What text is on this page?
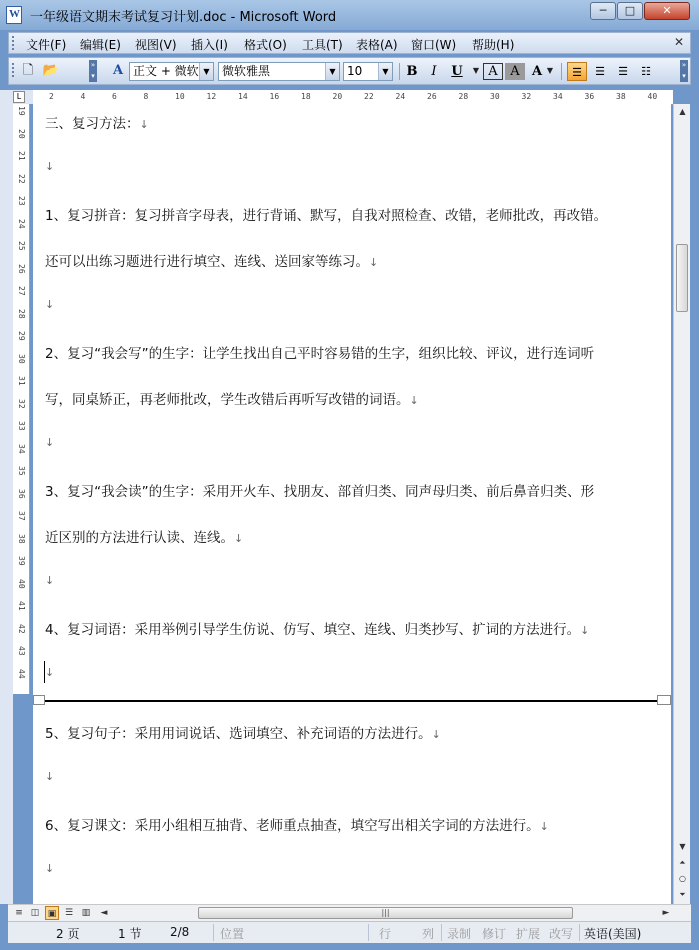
W
一年级语文期末考试复习计划.doc - Microsoft Word	─	□	✕
文件(F) 编辑(E) 视图(V) 插入(I) 格式(O) 工具(T) 表格(A) 窗口(W) 帮助(H)	✕
🗋 📂	»
▾	A 正文 + 微软 ▼	微软雅黑	▼ 10	▼	B	I	U	▼ A A A ▼	☰	☰	☰	☷	»
▾
L	2	4	6	8	10	12	14	16	18	20	22	24	26	28	30	32	34	36	38	40
19
20
21
22
23
24
25
26
27
28
29
30
31
32
33
34
35
36
37
38
39
40
41
42
43
44
三、复习方法：↓
↓
1、复习拼音：复习拼音字母表，进行背诵、默写，自我对照检查、改错，老师批改，再改错。
还可以出练习题进行进行填空、连线、送回家等练习。↓
↓
2、复习“我会写”的生字：让学生找出自己平时容易错的生字，组织比较、评议，进行连词听
写，同桌矫正，再老师批改，学生改错后再听写改错的词语。↓
↓
3、复习“我会读”的生字：采用开火车、找朋友、部首归类、同声母归类、前后鼻音归类、形
近区别的方法进行认读、连线。↓
↓
4、复习词语：采用举例引导学生仿说、仿写、填空、连线、归类抄写、扩词的方法进行。↓
↓
5、复习句子：采用用词说话、选词填空、补充词语的方法进行。↓
↓
6、复习课文：采用小组相互抽背、老师重点抽查，填空写出相关字词的方法进行。↓
↓
▲
▼
⏶
○
⏷
≡ ◫ ▣ ☰ ▥	◄	|||	►
2 页	1 节 2/8	位置	行	列 录制 修订 扩展 改写 英语(美国)
